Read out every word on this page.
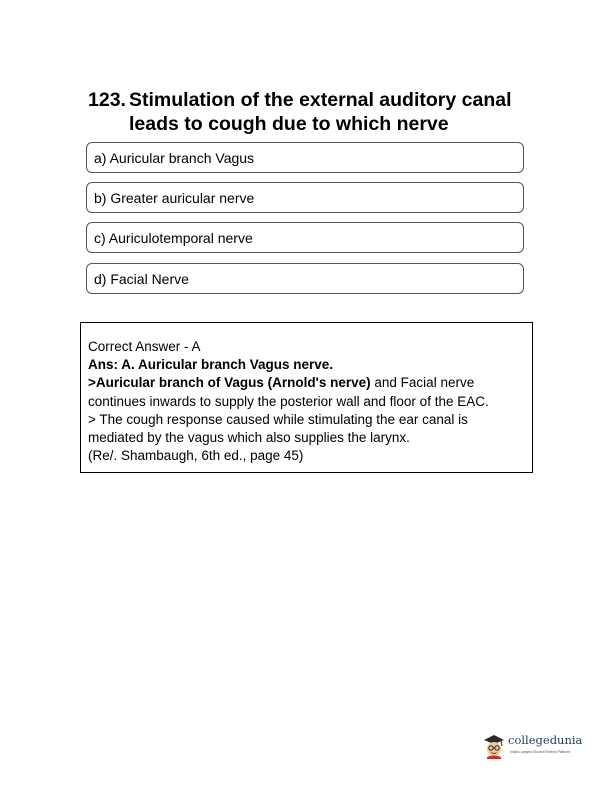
123. Stimulation of the external auditory canal
leads to cough due to which nerve
a) Auricular branch Vagus
b) Greater auricular nerve
c) Auriculotemporal nerve
d) Facial Nerve
Correct Answer - A
Ans: A. Auricular branch Vagus nerve.
>Auricular branch of Vagus (Arnold's nerve) and Facial nerve
continues inwards to supply the posterior wall and floor of the EAC.
> The cough response caused while stimulating the ear canal is
mediated by the vagus which also supplies the larynx.
(Re/. Shambaugh, 6th ed., page 45)
collegedunia
India's Largest Student Review Platform
